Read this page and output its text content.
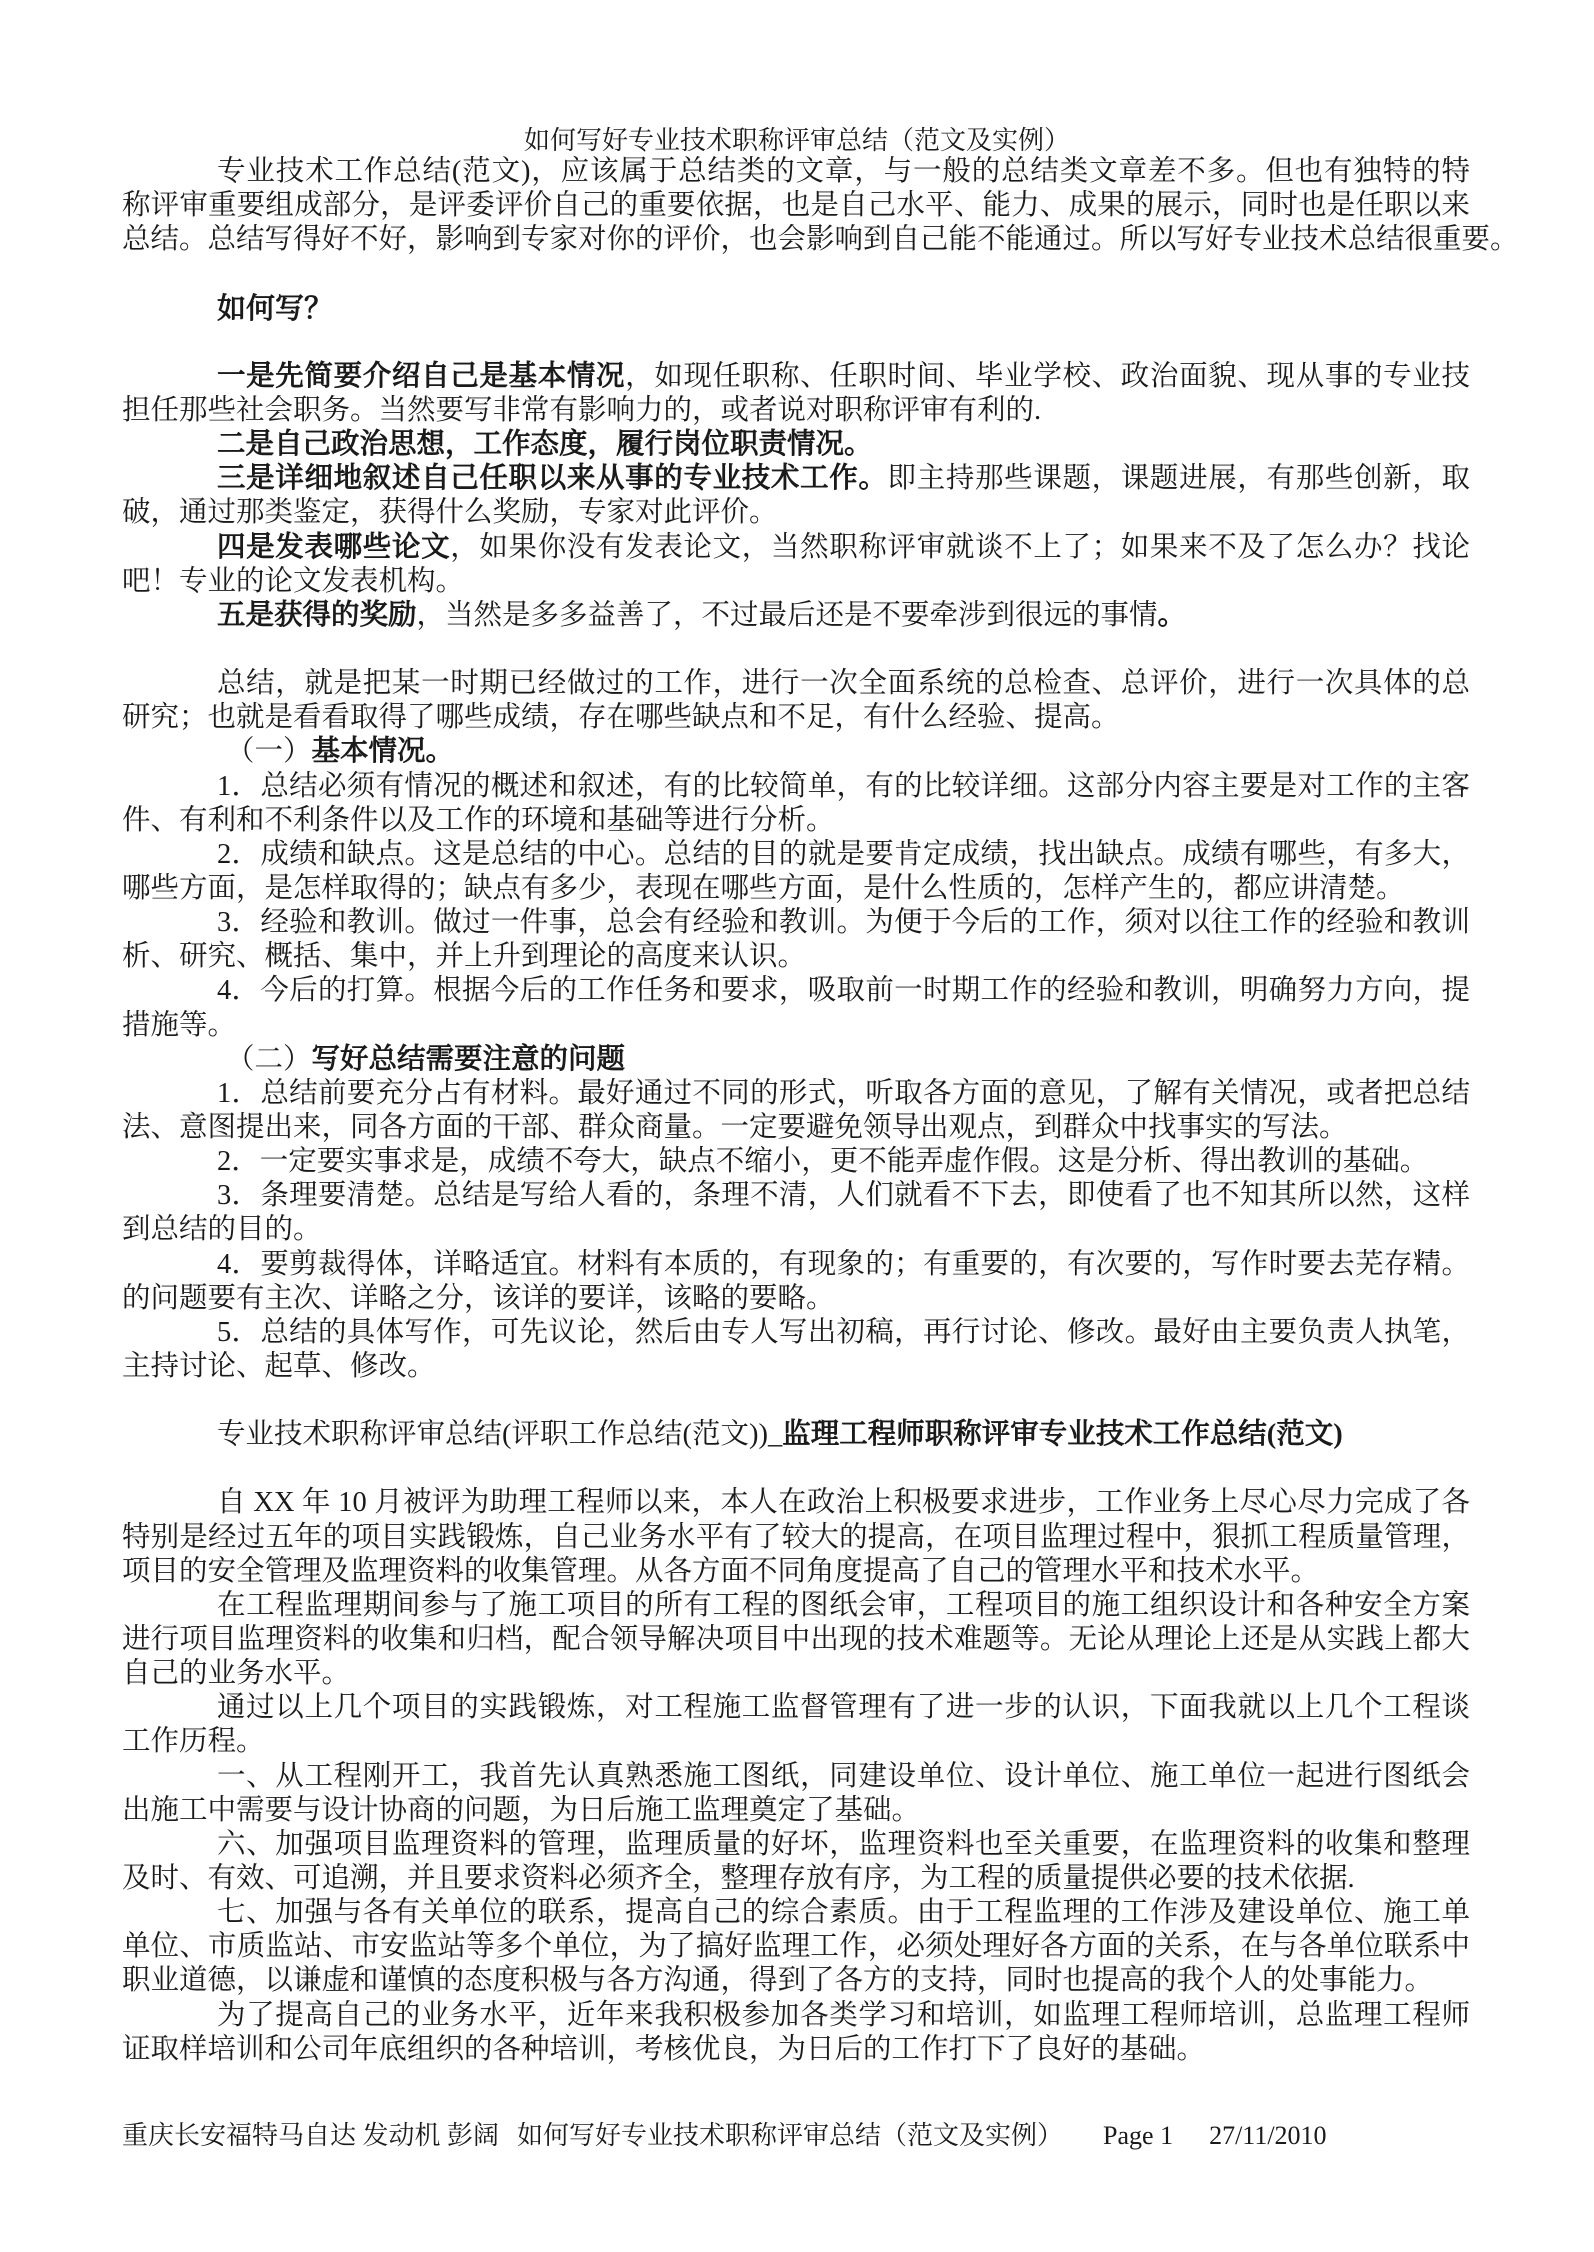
如何写好专业技术职称评审总结（范文及实例）
专业技术工作总结(范文)，应该属于总结类的文章，与一般的总结类文章差不多。但也有独特的特
称评审重要组成部分，是评委评价自己的重要依据，也是自己水平、能力、成果的展示，同时也是任职以来
总结。总结写得好不好，影响到专家对你的评价，也会影响到自己能不能通过。所以写好专业技术总结很重要。
如何写？
一是先简要介绍自己是基本情况，如现任职称、任职时间、毕业学校、政治面貌、现从事的专业技
担任那些社会职务。当然要写非常有影响力的，或者说对职称评审有利的.
二是自己政治思想，工作态度，履行岗位职责情况。
三是详细地叙述自己任职以来从事的专业技术工作。即主持那些课题，课题进展，有那些创新，取
破，通过那类鉴定，获得什么奖励，专家对此评价。
四是发表哪些论文，如果你没有发表论文，当然职称评审就谈不上了；如果来不及了怎么办？找论
吧！专业的论文发表机构。
五是获得的奖励，当然是多多益善了，不过最后还是不要牵涉到很远的事情。
总结，就是把某一时期已经做过的工作，进行一次全面系统的总检查、总评价，进行一次具体的总
研究；也就是看看取得了哪些成绩，存在哪些缺点和不足，有什么经验、提高。
（一）基本情况。
1．总结必须有情况的概述和叙述，有的比较简单，有的比较详细。这部分内容主要是对工作的主客
件、有利和不利条件以及工作的环境和基础等进行分析。
2．成绩和缺点。这是总结的中心。总结的目的就是要肯定成绩，找出缺点。成绩有哪些，有多大，
哪些方面，是怎样取得的；缺点有多少，表现在哪些方面，是什么性质的，怎样产生的，都应讲清楚。
3．经验和教训。做过一件事，总会有经验和教训。为便于今后的工作，须对以往工作的经验和教训
析、研究、概括、集中，并上升到理论的高度来认识。
4．今后的打算。根据今后的工作任务和要求，吸取前一时期工作的经验和教训，明确努力方向，提
措施等。
（二）写好总结需要注意的问题
1．总结前要充分占有材料。最好通过不同的形式，听取各方面的意见，了解有关情况，或者把总结
法、意图提出来，同各方面的干部、群众商量。一定要避免领导出观点，到群众中找事实的写法。
2．一定要实事求是，成绩不夸大，缺点不缩小，更不能弄虚作假。这是分析、得出教训的基础。
3．条理要清楚。总结是写给人看的，条理不清，人们就看不下去，即使看了也不知其所以然，这样
到总结的目的。
4．要剪裁得体，详略适宜。材料有本质的，有现象的；有重要的，有次要的，写作时要去芜存精。
的问题要有主次、详略之分，该详的要详，该略的要略。
5．总结的具体写作，可先议论，然后由专人写出初稿，再行讨论、修改。最好由主要负责人执笔，
主持讨论、起草、修改。
专业技术职称评审总结(评职工作总结(范文))_监理工程师职称评审专业技术工作总结(范文)
自 XX 年 10 月被评为助理工程师以来，本人在政治上积极要求进步，工作业务上尽心尽力完成了各
特别是经过五年的项目实践锻炼，自己业务水平有了较大的提高，在项目监理过程中，狠抓工程质量管理，
项目的安全管理及监理资料的收集管理。从各方面不同角度提高了自己的管理水平和技术水平。
在工程监理期间参与了施工项目的所有工程的图纸会审，工程项目的施工组织设计和各种安全方案
进行项目监理资料的收集和归档，配合领导解决项目中出现的技术难题等。无论从理论上还是从实践上都大
自己的业务水平。
通过以上几个项目的实践锻炼，对工程施工监督管理有了进一步的认识，下面我就以上几个工程谈
工作历程。
一、从工程刚开工，我首先认真熟悉施工图纸，同建设单位、设计单位、施工单位一起进行图纸会
出施工中需要与设计协商的问题，为日后施工监理奠定了基础。
六、加强项目监理资料的管理，监理质量的好坏，监理资料也至关重要，在监理资料的收集和整理
及时、有效、可追溯，并且要求资料必须齐全，整理存放有序，为工程的质量提供必要的技术依据.
七、加强与各有关单位的联系，提高自己的综合素质。由于工程监理的工作涉及建设单位、施工单
单位、市质监站、市安监站等多个单位，为了搞好监理工作，必须处理好各方面的关系，在与各单位联系中
职业道德，以谦虚和谨慎的态度积极与各方沟通，得到了各方的支持，同时也提高的我个人的处事能力。
为了提高自己的业务水平，近年来我积极参加各类学习和培训，如监理工程师培训，总监理工程师
证取样培训和公司年底组织的各种培训，考核优良，为日后的工作打下了良好的基础。
重庆长安福特马自达 发动机 彭阔 如何写好专业技术职称评审总结（范文及实例） Page 1 27/11/2010
